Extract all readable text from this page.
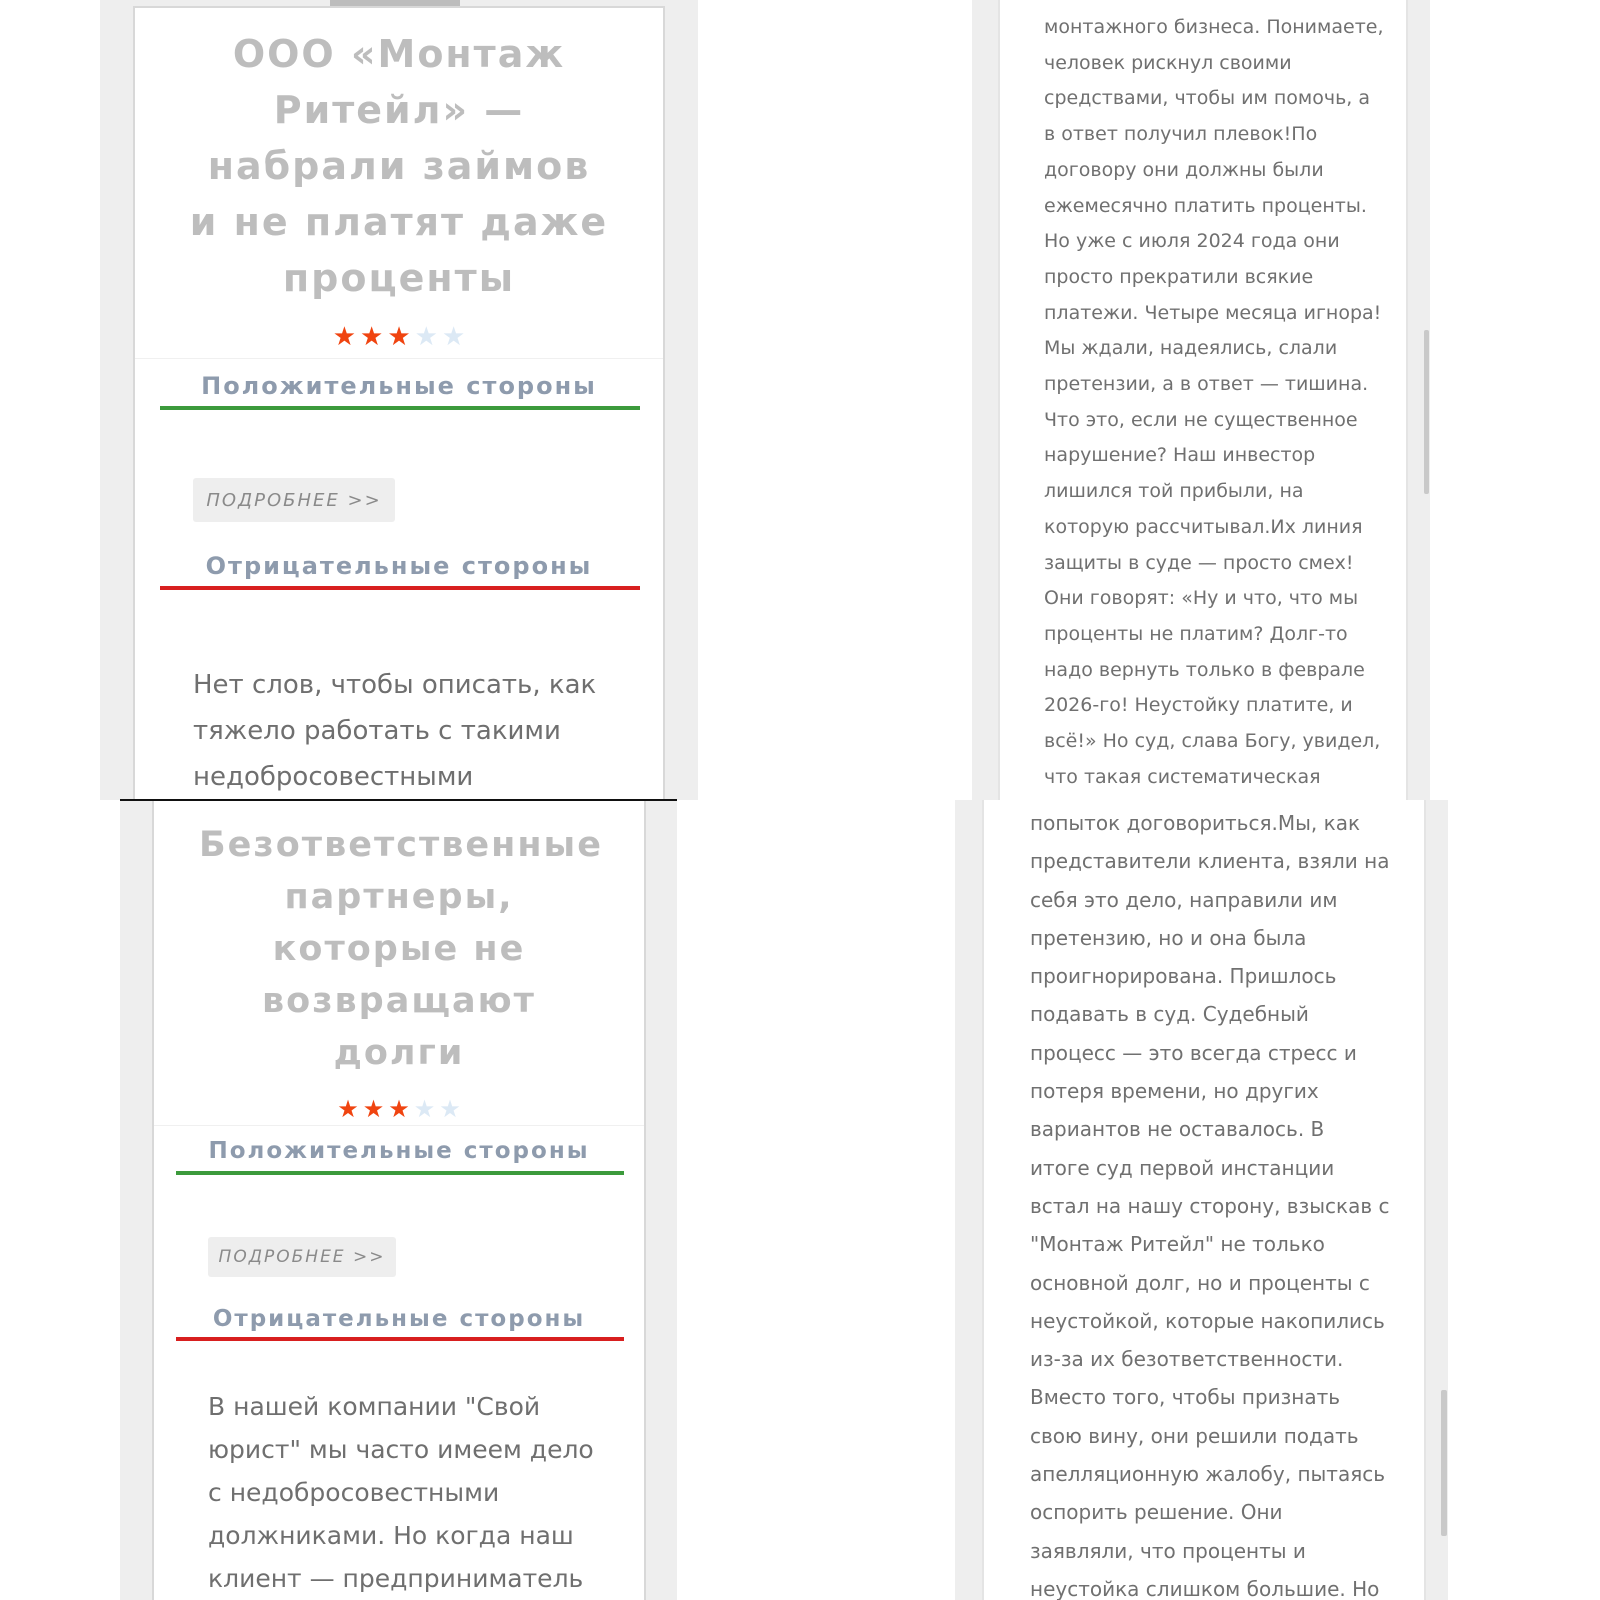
ООО «Монтаж Ритейл» — набрали займов и не платят даже проценты
★ ★ ★ ★ ★
Положительные стороны
ПОДРОБНЕЕ >>
Отрицательные стороны
Нет слов, чтобы описать, как тяжело работать с такими недобросовестными
Безответственные партнеры, которые не возвращают долги
★ ★ ★ ★ ★
Положительные стороны
ПОДРОБНЕЕ >>
Отрицательные стороны
В нашей компании "Свой юрист" мы часто имеем дело с недобросовестными должниками. Но когда наш клиент — предприниматель
монтажного бизнеса. Понимаете,
человек рискнул своими
средствами, чтобы им помочь, а
в ответ получил плевок!По
договору они должны были
ежемесячно платить проценты.
Но уже с июля 2024 года они
просто прекратили всякие
платежи. Четыре месяца игнора!
Мы ждали, надеялись, слали
претензии, а в ответ — тишина.
Что это, если не существенное
нарушение? Наш инвестор
лишился той прибыли, на
которую рассчитывал.Их линия
защиты в суде — просто смех!
Они говорят: «Ну и что, что мы
проценты не платим? Долг-то
надо вернуть только в феврале
2026-го! Неустойку платите, и
всё!» Но суд, слава Богу, увидел,
что такая систематическая
попыток договориться.Мы, как
представители клиента, взяли на
себя это дело, направили им
претензию, но и она была
проигнорирована. Пришлось
подавать в суд. Судебный
процесс — это всегда стресс и
потеря времени, но других
вариантов не оставалось. В
итоге суд первой инстанции
встал на нашу сторону, взыскав с
"Монтаж Ритейл" не только
основной долг, но и проценты с
неустойкой, которые накопились
из-за их безответственности.
Вместо того, чтобы признать
свою вину, они решили подать
апелляционную жалобу, пытаясь
оспорить решение. Они
заявляли, что проценты и
неустойка слишком большие. Но
